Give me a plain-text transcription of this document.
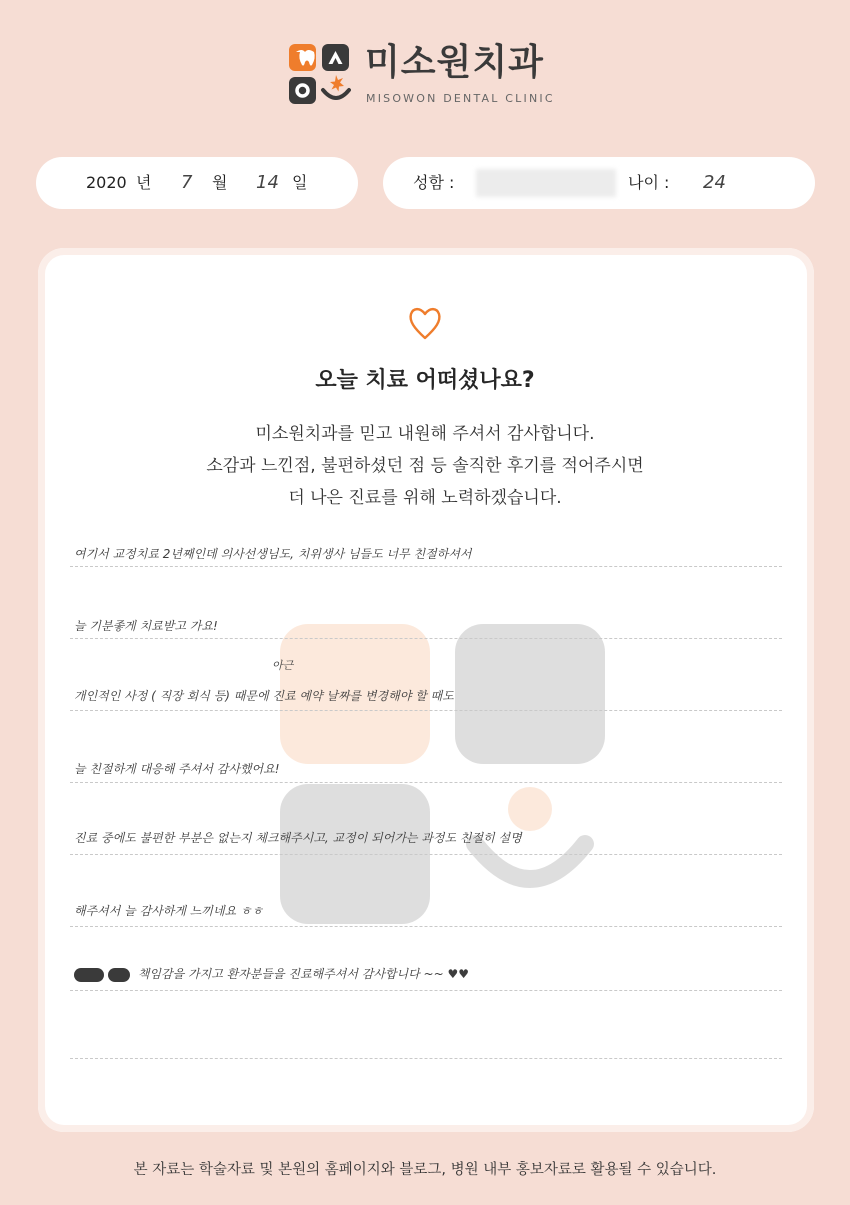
미소원치과
MISOWON DENTAL CLINIC
2020 년 7 월 14 일	성함 :	나이 : 24
오늘 치료 어떠셨나요?
미소원치과를 믿고 내원해 주셔서 감사합니다.
소감과 느낀점, 불편하셨던 점 등 솔직한 후기를 적어주시면
더 나은 진료를 위해 노력하겠습니다.
여기서 교정치료 2년째인데 의사선생님도, 치위생사 님들도 너무 친절하셔서
늘 기분좋게 치료받고 가요!
아근
개인적인 사정 ( 직장 회식 등) 때문에 진료 예약 날짜를 변경해야 할 때도
늘 친절하게 대응해 주셔서 감사했어요!
진료 중에도 불편한 부분은 없는지 체크해주시고, 교정이 되어가는 과정도 친절히 설명
해주셔서 늘 감사하게 느끼네요 ㅎㅎ
책임감을 가지고 환자분들을 진료해주셔서 감사합니다 ~~ ♥♥
본 자료는 학술자료 및 본원의 홈페이지와 블로그, 병원 내부 홍보자료로 활용될 수 있습니다.
